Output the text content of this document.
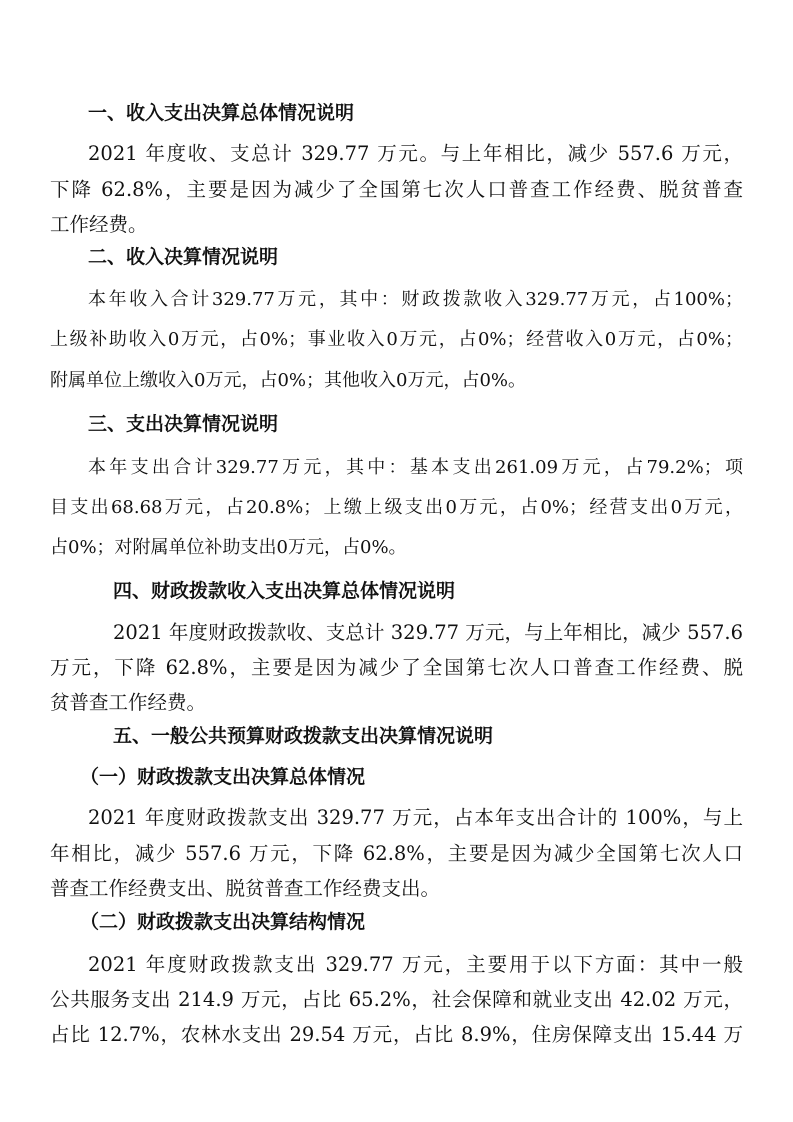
一、收入支出决算总体情况说明

2021 年度收、支总计 329.77 万元。与上年相比，减少 557.6 万元，

下降 62.8%，主要是因为减少了全国第七次人口普查工作经费、脱贫普查

工作经费。

二、收入决算情况说明

本年收入合计329.77万元，其中：财政拨款收入329.77万元，占100%；

上级补助收入0万元，占0%；事业收入0万元，占0%；经营收入0万元，占0%；

附属单位上缴收入0万元，占0%；其他收入0万元，占0%。

三、支出决算情况说明

本年支出合计329.77万元，其中：基本支出261.09万元，占79.2%；项

目支出68.68万元，占20.8%；上缴上级支出0万元，占0%；经营支出0万元，

占0%；对附属单位补助支出0万元，占0%。

四、财政拨款收入支出决算总体情况说明

2021 年度财政拨款收、支总计 329.77 万元，与上年相比，减少 557.6

万元，下降 62.8%，主要是因为减少了全国第七次人口普查工作经费、脱

贫普查工作经费。

五、一般公共预算财政拨款支出决算情况说明
（一）财政拨款支出决算总体情况

2021 年度财政拨款支出 329.77 万元，占本年支出合计的 100%，与上

年相比，减少 557.6 万元，下降 62.8%，主要是因为减少全国第七次人口

普查工作经费支出、脱贫普查工作经费支出。

（二）财政拨款支出决算结构情况

2021 年度财政拨款支出 329.77 万元，主要用于以下方面：其中一般

公共服务支出 214.9 万元，占比 65.2%，社会保障和就业支出 42.02 万元，

占比 12.7%，农林水支出 29.54 万元，占比 8.9%，住房保障支出 15.44 万
